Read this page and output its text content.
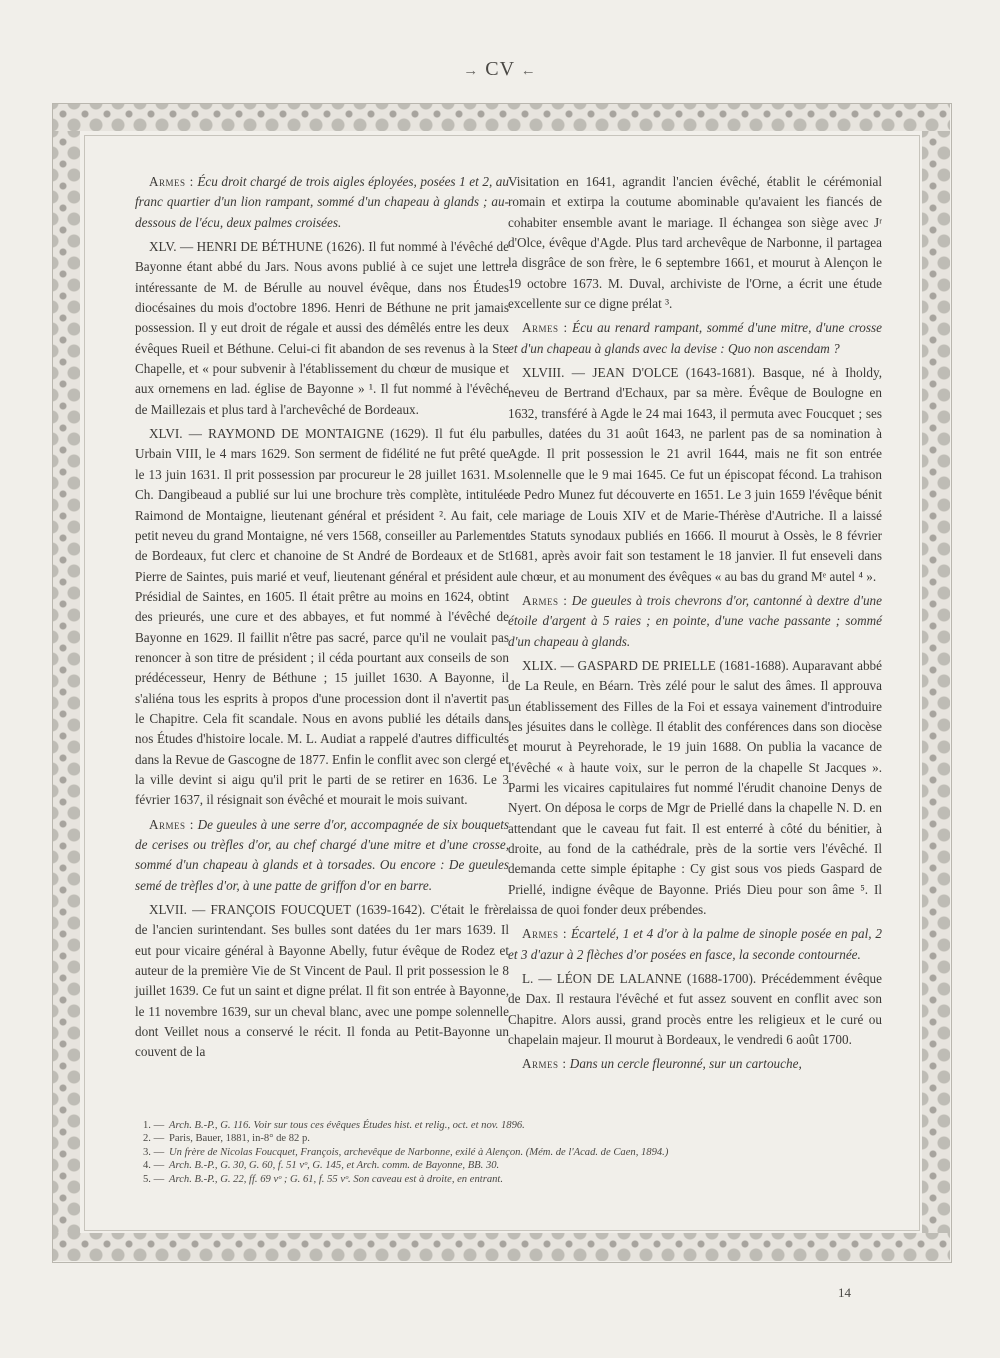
→ CV ←

Armes : Écu droit chargé de trois aigles éployées, posées 1 et 2, au franc quartier d'un lion rampant, sommé d'un chapeau à glands ; au-dessous de l'écu, deux palmes croisées.

XLV. — HENRI DE BÉTHUNE (1626). Il fut nommé à l'évêché de Bayonne étant abbé du Jars. Nous avons publié à ce sujet une lettre intéressante de M. de Bérulle au nouvel évêque, dans nos Études diocésaines du mois d'octobre 1896. Henri de Béthune ne prit jamais possession. Il y eut droit de régale et aussi des démêlés entre les deux évêques Rueil et Béthune. Celui-ci fit abandon de ses revenus à la Ste Chapelle, et « pour subvenir à l'établissement du chœur de musique et aux ornemens en lad. église de Bayonne » ¹. Il fut nommé à l'évêché de Maillezais et plus tard à l'archevêché de Bordeaux.

XLVI. — RAYMOND DE MONTAIGNE (1629). Il fut élu par Urbain VIII, le 4 mars 1629. Son serment de fidélité ne fut prêté que le 13 juin 1631. Il prit possession par procureur le 28 juillet 1631. M. Ch. Dangibeaud a publié sur lui une brochure très complète, intitulée Raimond de Montaigne, lieutenant général et président ². Au fait, ce petit neveu du grand Montaigne, né vers 1568, conseiller au Parlement de Bordeaux, fut clerc et chanoine de St André de Bordeaux et de St Pierre de Saintes, puis marié et veuf, lieutenant général et président au Présidial de Saintes, en 1605. Il était prêtre au moins en 1624, obtint des prieurés, une cure et des abbayes, et fut nommé à l'évêché de Bayonne en 1629. Il faillit n'être pas sacré, parce qu'il ne voulait pas renoncer à son titre de président ; il céda pourtant aux conseils de son prédécesseur, Henry de Béthune ; 15 juillet 1630. A Bayonne, il s'aliéna tous les esprits à propos d'une procession dont il n'avertit pas le Chapitre. Cela fit scandale. Nous en avons publié les détails dans nos Études d'histoire locale. M. L. Audiat a rappelé d'autres difficultés dans la Revue de Gascogne de 1877. Enfin le conflit avec son clergé et la ville devint si aigu qu'il prit le parti de se retirer en 1636. Le 3 février 1637, il résignait son évêché et mourait le mois suivant.

Armes : De gueules à une serre d'or, accompagnée de six bouquets de cerises ou trèfles d'or, au chef chargé d'une mitre et d'une crosse, sommé d'un chapeau à glands et à torsades. Ou encore : De gueules semé de trèfles d'or, à une patte de griffon d'or en barre.

XLVII. — FRANÇOIS FOUCQUET (1639-1642). C'était le frère de l'ancien surintendant. Ses bulles sont datées du 1er mars 1639. Il eut pour vicaire général à Bayonne Abelly, futur évêque de Rodez et auteur de la première Vie de St Vincent de Paul. Il prit possession le 8 juillet 1639. Ce fut un saint et digne prélat. Il fit son entrée à Bayonne, le 11 novembre 1639, sur un cheval blanc, avec une pompe solennelle dont Veillet nous a conservé le récit. Il fonda au Petit-Bayonne un couvent de la

Visitation en 1641, agrandit l'ancien évêché, établit le cérémonial romain et extirpa la coutume abominable qu'avaient les fiancés de cohabiter ensemble avant le mariage. Il échangea son siège avec Jʳ d'Olce, évêque d'Agde. Plus tard archevêque de Narbonne, il partagea la disgrâce de son frère, le 6 septembre 1661, et mourut à Alençon le 19 octobre 1673. M. Duval, archiviste de l'Orne, a écrit une étude excellente sur ce digne prélat ³.

Armes : Écu au renard rampant, sommé d'une mitre, d'une crosse et d'un chapeau à glands avec la devise : Quo non ascendam ?

XLVIII. — JEAN D'OLCE (1643-1681). Basque, né à Iholdy, neveu de Bertrand d'Echaux, par sa mère. Évêque de Boulogne en 1632, transféré à Agde le 24 mai 1643, il permuta avec Foucquet ; ses bulles, datées du 31 août 1643, ne parlent pas de sa nomination à Agde. Il prit possession le 21 avril 1644, mais ne fit son entrée solennelle que le 9 mai 1645. Ce fut un épiscopat fécond. La trahison de Pedro Munez fut découverte en 1651. Le 3 juin 1659 l'évêque bénit le mariage de Louis XIV et de Marie-Thérèse d'Autriche. Il a laissé des Statuts synodaux publiés en 1666. Il mourut à Ossès, le 8 février 1681, après avoir fait son testament le 18 janvier. Il fut enseveli dans le chœur, et au monument des évêques « au bas du grand Mᵉ autel ⁴ ».

Armes : De gueules à trois chevrons d'or, cantonné à dextre d'une étoile d'argent à 5 raies ; en pointe, d'une vache passante ; sommé d'un chapeau à glands.

XLIX. — GASPARD DE PRIELLE (1681-1688). Auparavant abbé de La Reule, en Béarn. Très zélé pour le salut des âmes. Il approuva un établissement des Filles de la Foi et essaya vainement d'introduire les jésuites dans le collège. Il établit des conférences dans son diocèse et mourut à Peyrehorade, le 19 juin 1688. On publia la vacance de l'évêché « à haute voix, sur le perron de la chapelle St Jacques ». Parmi les vicaires capitulaires fut nommé l'érudit chanoine Denys de Nyert. On déposa le corps de Mgr de Priellé dans la chapelle N. D. en attendant que le caveau fut fait. Il est enterré à côté du bénitier, à droite, au fond de la cathédrale, près de la sortie vers l'évêché. Il demanda cette simple épitaphe : Cy gist sous vos pieds Gaspard de Priellé, indigne évêque de Bayonne. Priés Dieu pour son âme ⁵. Il laissa de quoi fonder deux prébendes.

Armes : Écartelé, 1 et 4 d'or à la palme de sinople posée en pal, 2 et 3 d'azur à 2 flèches d'or posées en fasce, la seconde contournée.

L. — LÉON DE LALANNE (1688-1700). Précédemment évêque de Dax. Il restaura l'évêché et fut assez souvent en conflit avec son Chapitre. Alors aussi, grand procès entre les religieux et le curé ou chapelain majeur. Il mourut à Bordeaux, le vendredi 6 août 1700.

Armes : Dans un cercle fleuronné, sur un cartouche,

1. — Arch. B.-P., G. 116. Voir sur tous ces évêques Études hist. et relig., oct. et nov. 1896.

2. — Paris, Bauer, 1881, in-8° de 82 p.

3. — Un frère de Nicolas Foucquet, François, archevêque de Narbonne, exilé à Alençon. (Mém. de l'Acad. de Caen, 1894.)

4. — Arch. B.-P., G. 30, G. 60, f. 51 vᵒ, G. 145, et Arch. comm. de Bayonne, BB. 30.

5. — Arch. B.-P., G. 22, ff. 69 vᵒ ; G. 61, f. 55 vᵒ. Son caveau est à droite, en entrant.

14
